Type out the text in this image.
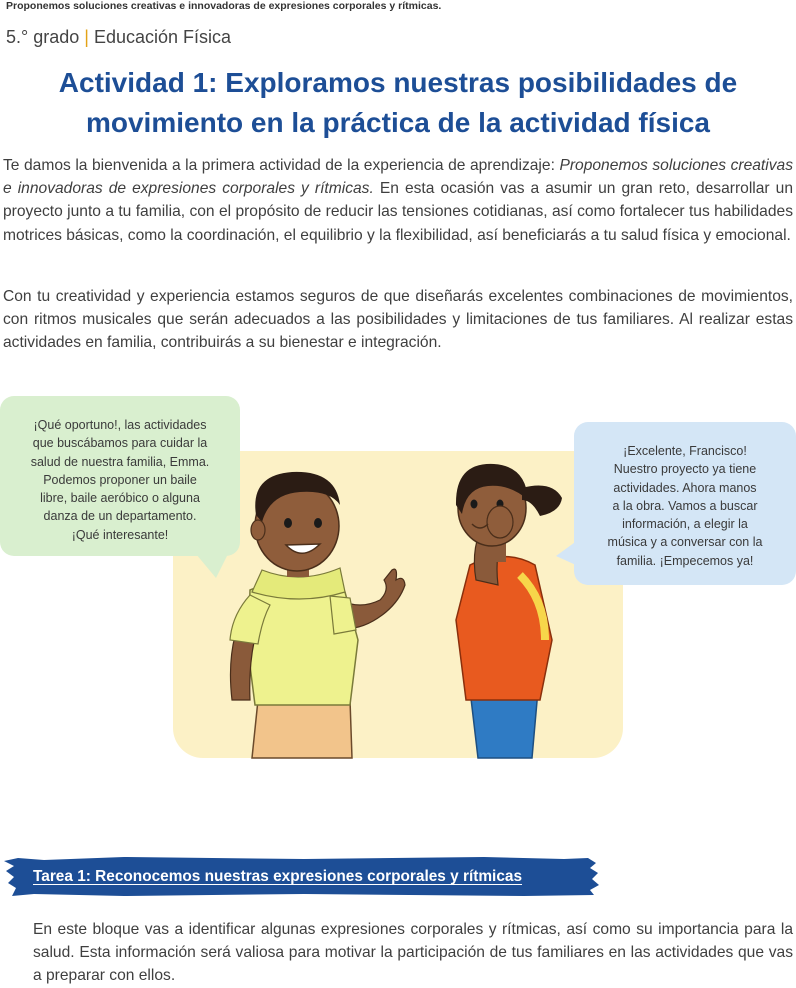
Proponemos soluciones creativas e innovadoras de expresiones corporales y rítmicas.
5.° grado | Educación Física
Actividad 1: Exploramos nuestras posibilidades de
movimiento en la práctica de la actividad física
Te damos la bienvenida a la primera actividad de la experiencia de aprendizaje: Proponemos soluciones creativas e innovadoras de expresiones corporales y rítmicas. En esta ocasión vas a asumir un gran reto, desarrollar un proyecto junto a tu familia, con el propósito de reducir las tensiones cotidianas, así como fortalecer tus habilidades motrices básicas, como la coordinación, el equilibrio y la flexibilidad, así beneficiarás a tu salud física y emocional.
Con tu creatividad y experiencia estamos seguros de que diseñarás excelentes combinaciones de movimientos, con ritmos musicales que serán adecuados a las posibilidades y limitaciones de tus familiares. Al realizar estas actividades en familia, contribuirás a su bienestar e integración.
¡Qué oportuno!, las actividades
que buscábamos para cuidar la
salud de nuestra familia, Emma.
Podemos proponer un baile
libre, baile aeróbico o alguna
danza de un departamento.
¡Qué interesante!
¡Excelente, Francisco!
Nuestro proyecto ya tiene
actividades. Ahora manos
a la obra. Vamos a buscar
información, a elegir la
música y a conversar con la
familia. ¡Empecemos ya!
Tarea 1: Reconocemos nuestras expresiones corporales y rítmicas
En este bloque vas a identificar algunas expresiones corporales y rítmicas, así como su importancia para la salud. Esta información será valiosa para motivar la participación de tus familiares en las actividades que vas a preparar con ellos.
